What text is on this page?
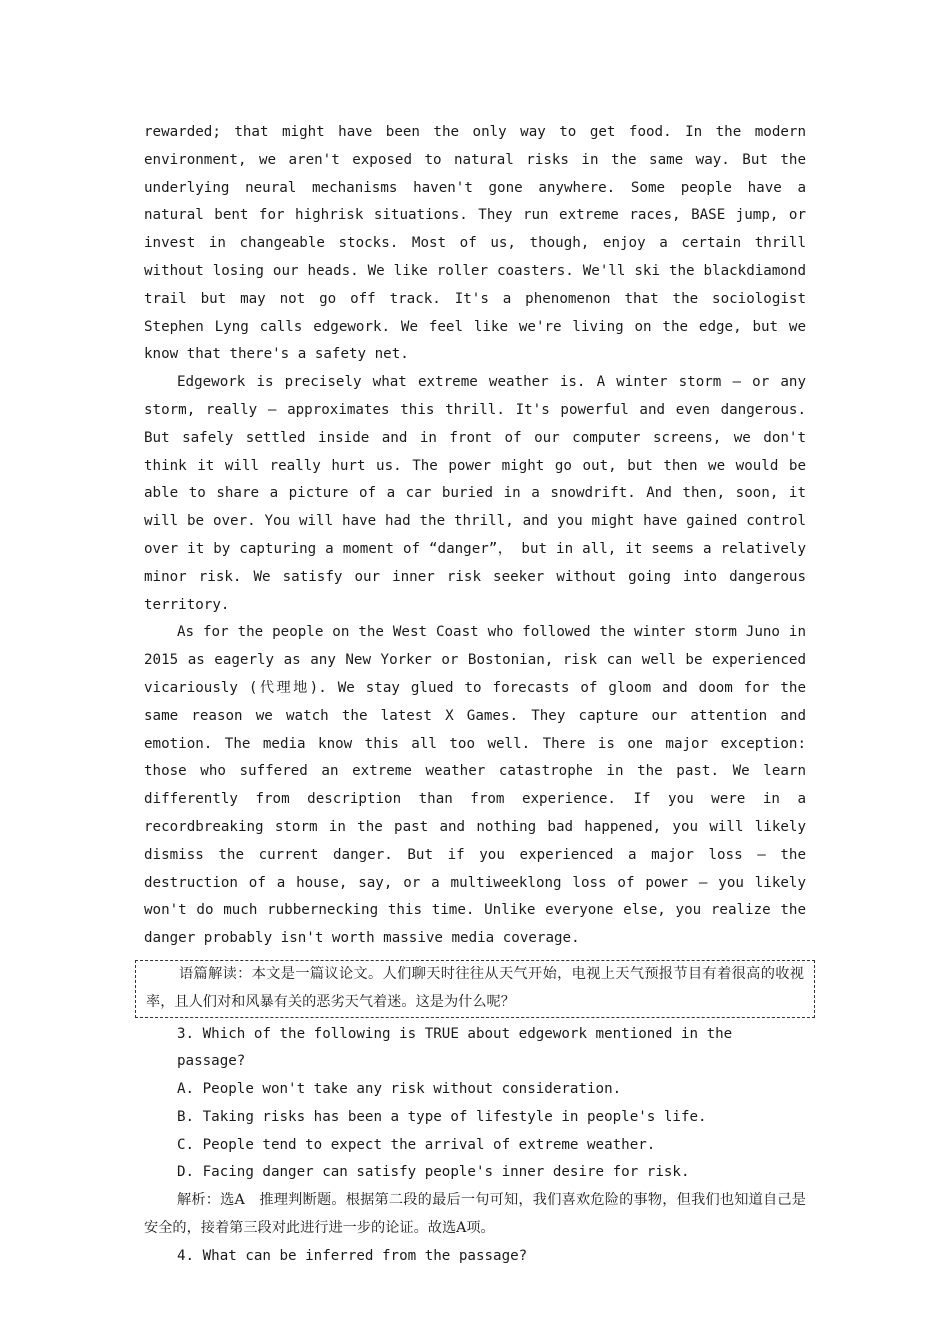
rewarded; that might have been the only way to get food. In the modern environment, we aren't exposed to natural risks in the same way. But the underlying neural mechanisms haven't gone anywhere. Some people have a natural bent for highrisk situations. They run extreme races, BASE jump, or invest in changeable stocks. Most of us, though, enjoy a certain thrill without losing our heads. We like roller coasters. We'll ski the blackdiamond trail but may not go off track. It's a phenomenon that the sociologist Stephen Lyng calls edgework. We feel like we're living on the edge, but we know that there's a safety net.

Edgework is precisely what extreme weather is. A winter storm — or any storm, really — approximates this thrill. It's powerful and even dangerous. But safely settled inside and in front of our computer screens, we don't think it will really hurt us. The power might go out, but then we would be able to share a picture of a car buried in a snowdrift. And then, soon, it will be over. You will have had the thrill, and you might have gained control over it by capturing a moment of “danger”， but in all, it seems a relatively minor risk. We satisfy our inner risk seeker without going into dangerous territory.

As for the people on the West Coast who followed the winter storm Juno in 2015 as eagerly as any New Yorker or Bostonian, risk can well be experienced vicariously (代理地). We stay glued to forecasts of gloom and doom for the same reason we watch the latest X Games. They capture our attention and emotion. The media know this all too well. There is one major exception: those who suffered an extreme weather catastrophe in the past. We learn differently from description than from experience. If you were in a recordbreaking storm in the past and nothing bad happened, you will likely dismiss the current danger. But if you experienced a major loss — the destruction of a house, say, or a multiweeklong loss of power — you likely won't do much rubbernecking this time. Unlike everyone else, you realize the danger probably isn't worth massive media coverage.

语篇解读：本文是一篇议论文。人们聊天时往往从天气开始，电视上天气预报节目有着很高的收视率，且人们对和风暴有关的恶劣天气着迷。这是为什么呢？

3. Which of the following is TRUE about edgework mentioned in the passage?

A. People won't take any risk without consideration.

B. Taking risks has been a type of lifestyle in people's life.

C. People tend to expect the arrival of extreme weather.

D. Facing danger can satisfy people's inner desire for risk.

解析：选A　推理判断题。根据第二段的最后一句可知，我们喜欢危险的事物，但我们也知道自己是安全的，接着第三段对此进行进一步的论证。故选A项。

4. What can be inferred from the passage?
